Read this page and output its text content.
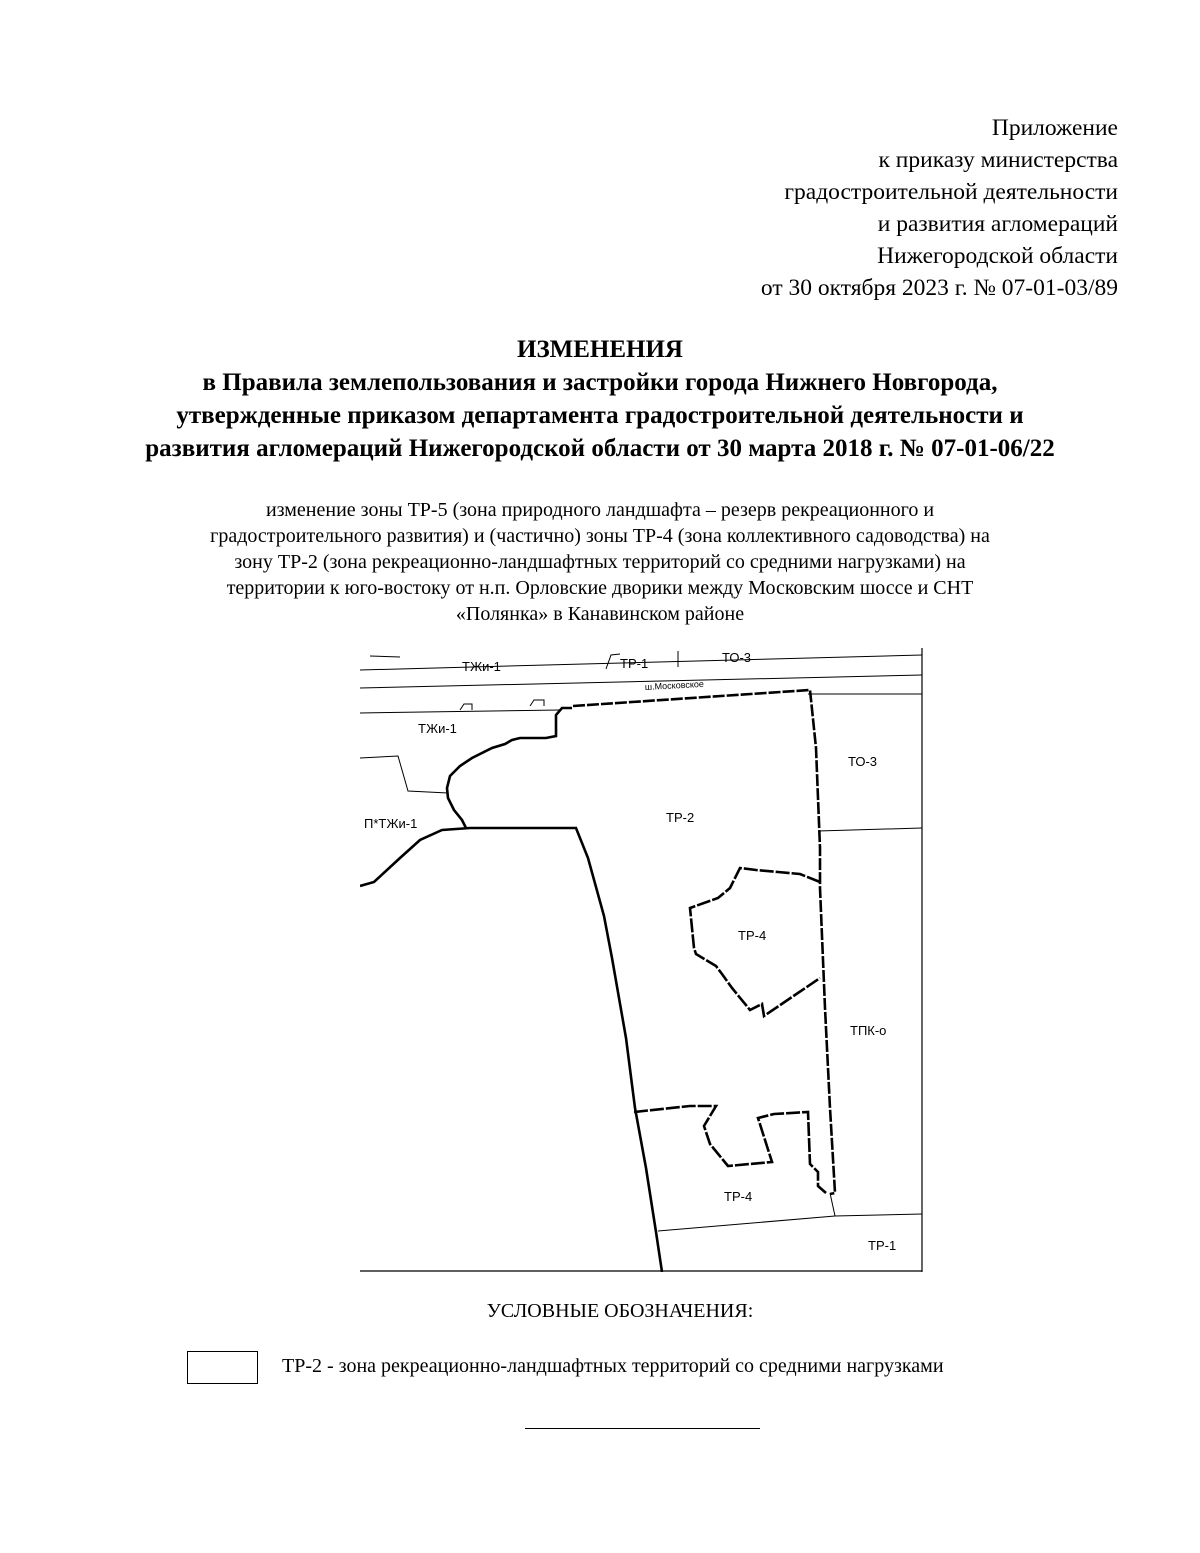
Приложение
к приказу министерства
градостроительной деятельности
и развития агломераций
Нижегородской области
от 30 октября 2023 г. № 07-01-03/89
ИЗМЕНЕНИЯ
в Правила землепользования и застройки города Нижнего Новгорода,
утвержденные приказом департамента градостроительной деятельности и
развития агломераций Нижегородской области от 30 марта 2018 г. № 07-01-06/22
изменение зоны ТР-5 (зона природного ландшафта – резерв рекреационного и
градостроительного развития) и (частично) зоны ТР-4 (зона коллективного садоводства) на
зону ТР-2 (зона рекреационно-ландшафтных территорий со средними нагрузками) на
территории к юго-востоку от н.п. Орловские дворики между Московским шоссе и СНТ
«Полянка» в Канавинском районе
ТЖи-1	ТР-1	ТО-3
ш.Московское
ТЖи-1
ТО-3
П*ТЖи-1	ТР-2
ТР-4
ТПК-о
ТР-4
ТР-1
УСЛОВНЫЕ ОБОЗНАЧЕНИЯ:
ТР-2 - зона рекреационно-ландшафтных территорий со средними нагрузками
